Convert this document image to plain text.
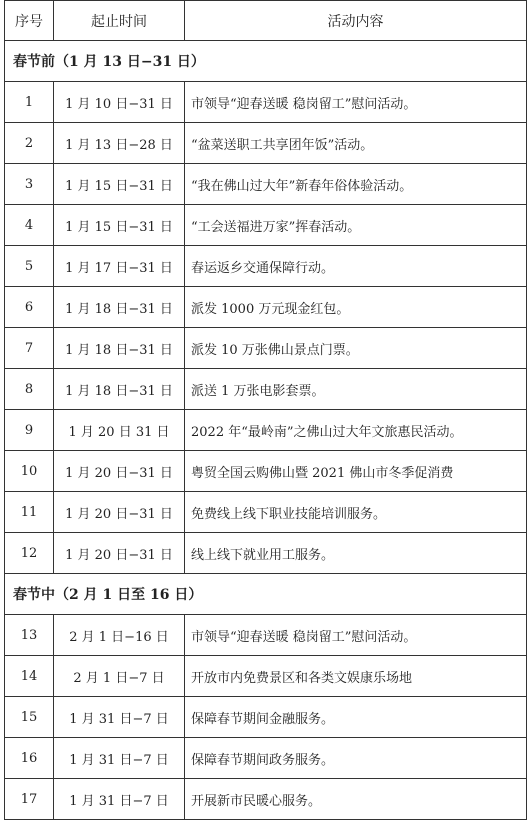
序号	起止时间	活动内容
春节前（1 月 13 日−31 日）		
1	1 月 10 日−31 日	市领导“迎春送暖 稳岗留工”慰问活动。
2	1 月 13 日−28 日	“盆菜送职工共享团年饭”活动。
3	1 月 15 日−31 日	“我在佛山过大年”新春年俗体验活动。
4	1 月 15 日−31 日	“工会送福进万家”挥春活动。
5	1 月 17 日−31 日	春运返乡交通保障行动。
6	1 月 18 日−31 日	派发 1000 万元现金红包。
7	1 月 18 日−31 日	派发 10 万张佛山景点门票。
8	1 月 18 日−31 日	派送 1 万张电影套票。
9	1 月 20 日 31 日	2022 年“最岭南”之佛山过大年文旅惠民活动。
10	1 月 20 日−31 日	粤贸全国云购佛山暨 2021 佛山市冬季促消费
11	1 月 20 日−31 日	免费线上线下职业技能培训服务。
12	1 月 20 日−31 日	线上线下就业用工服务。
春节中（2 月 1 日至 16 日）		
13	2 月 1 日−16 日	市领导“迎春送暖 稳岗留工”慰问活动。
14	2 月 1 日−7 日	开放市内免费景区和各类文娱康乐场地
15	1 月 31 日−7 日	保障春节期间金融服务。
16	1 月 31 日−7 日	保障春节期间政务服务。
17	1 月 31 日−7 日	开展新市民暖心服务。
